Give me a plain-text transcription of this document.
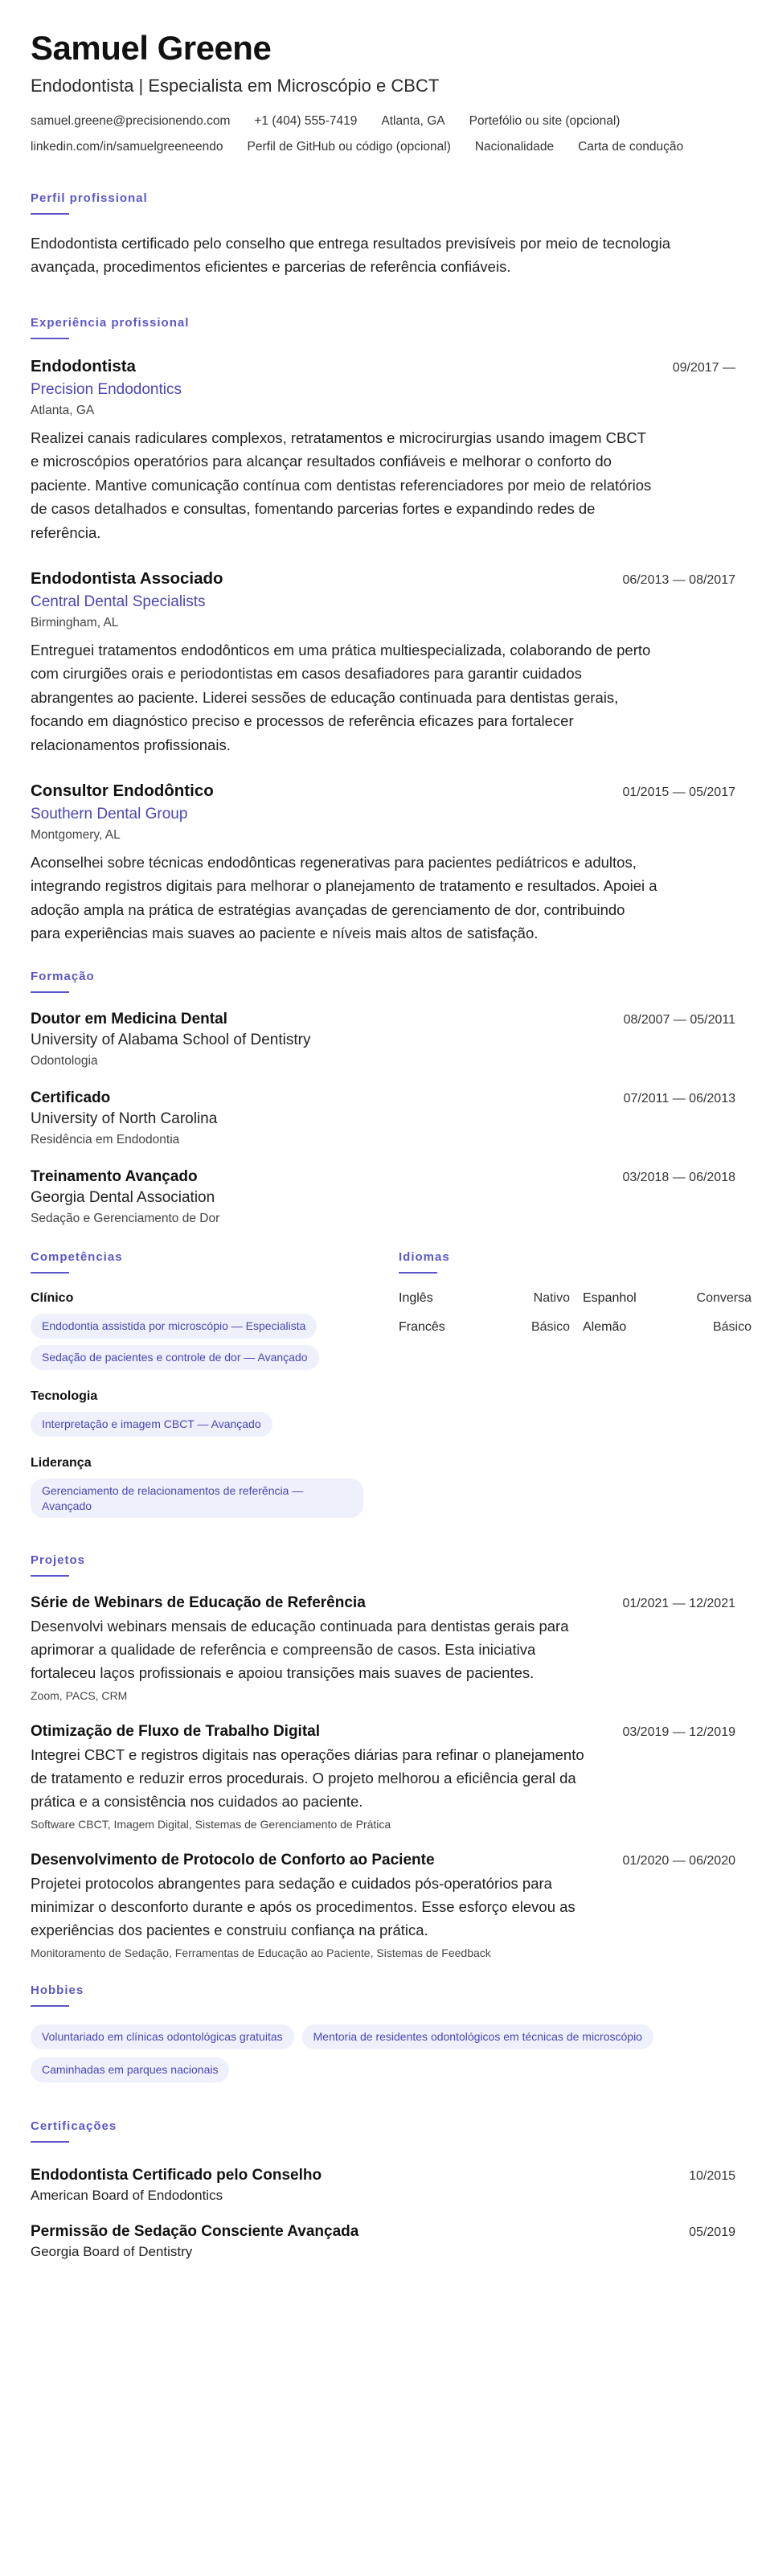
Samuel Greene
Endodontista | Especialista em Microscópio e CBCT
samuel.greene@precisionendo.com +1 (404) 555-7419 Atlanta, GA Portefólio ou site (opcional)
linkedin.com/in/samuelgreeneendo Perfil de GitHub ou código (opcional) Nacionalidade Carta de condução
Perfil profissional
Endodontista certificado pelo conselho que entrega resultados previsíveis por meio de tecnologia avançada, procedimentos eficientes e parcerias de referência confiáveis.
Experiência profissional
Endodontista	09/2017 —
Precision Endodontics
Atlanta, GA
Realizei canais radiculares complexos, retratamentos e microcirurgias usando imagem CBCT e microscópios operatórios para alcançar resultados confiáveis e melhorar o conforto do paciente. Mantive comunicação contínua com dentistas referenciadores por meio de relatórios de casos detalhados e consultas, fomentando parcerias fortes e expandindo redes de referência.
Endodontista Associado	06/2013 — 08/2017
Central Dental Specialists
Birmingham, AL
Entreguei tratamentos endodônticos em uma prática multiespecializada, colaborando de perto com cirurgiões orais e periodontistas em casos desafiadores para garantir cuidados abrangentes ao paciente. Liderei sessões de educação continuada para dentistas gerais, focando em diagnóstico preciso e processos de referência eficazes para fortalecer relacionamentos profissionais.
Consultor Endodôntico	01/2015 — 05/2017
Southern Dental Group
Montgomery, AL
Aconselhei sobre técnicas endodônticas regenerativas para pacientes pediátricos e adultos, integrando registros digitais para melhorar o planejamento de tratamento e resultados. Apoiei a adoção ampla na prática de estratégias avançadas de gerenciamento de dor, contribuindo para experiências mais suaves ao paciente e níveis mais altos de satisfação.
Formação
Doutor em Medicina Dental	08/2007 — 05/2011
University of Alabama School of Dentistry
Odontologia
Certificado	07/2011 — 06/2013
University of North Carolina
Residência em Endodontia
Treinamento Avançado	03/2018 — 06/2018
Georgia Dental Association
Sedação e Gerenciamento de Dor
Competências
Clínico
Endodontia assistida por microscópio — Especialista
Sedação de pacientes e controle de dor — Avançado
Tecnologia
Interpretação e imagem CBCT — Avançado
Liderança
Gerenciamento de relacionamentos de referência — Avançado
Idiomas
Inglês	Nativo	Espanhol	Conversa
Francês	Básico	Alemão	Básico
Projetos
Série de Webinars de Educação de Referência	01/2021 — 12/2021
Desenvolvi webinars mensais de educação continuada para dentistas gerais para aprimorar a qualidade de referência e compreensão de casos. Esta iniciativa fortaleceu laços profissionais e apoiou transições mais suaves de pacientes.
Zoom, PACS, CRM
Otimização de Fluxo de Trabalho Digital	03/2019 — 12/2019
Integrei CBCT e registros digitais nas operações diárias para refinar o planejamento de tratamento e reduzir erros procedurais. O projeto melhorou a eficiência geral da prática e a consistência nos cuidados ao paciente.
Software CBCT, Imagem Digital, Sistemas de Gerenciamento de Prática
Desenvolvimento de Protocolo de Conforto ao Paciente	01/2020 — 06/2020
Projetei protocolos abrangentes para sedação e cuidados pós-operatórios para minimizar o desconforto durante e após os procedimentos. Esse esforço elevou as experiências dos pacientes e construiu confiança na prática.
Monitoramento de Sedação, Ferramentas de Educação ao Paciente, Sistemas de Feedback
Hobbies
Voluntariado em clínicas odontológicas gratuitas	Mentoria de residentes odontológicos em técnicas de microscópio
Caminhadas em parques nacionais
Certificações
Endodontista Certificado pelo Conselho	10/2015
American Board of Endodontics
Permissão de Sedação Consciente Avançada	05/2019
Georgia Board of Dentistry
